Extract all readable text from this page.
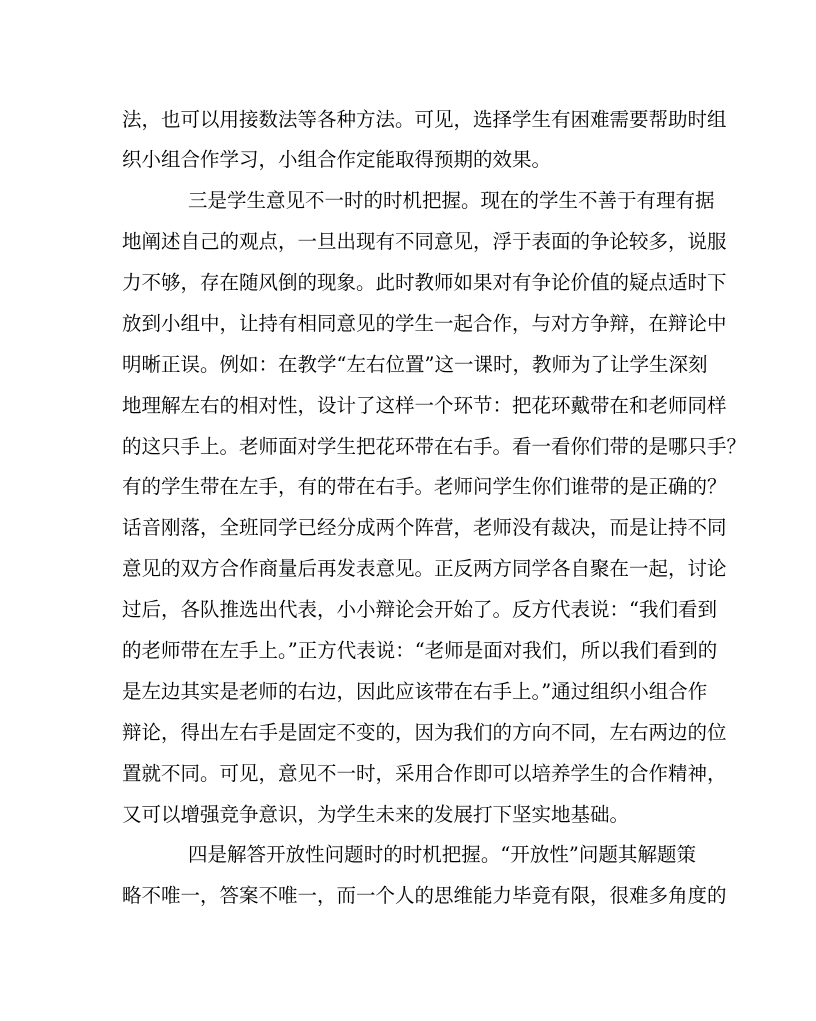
法，也可以用接数法等各种方法。可见，选择学生有困难需要帮助时组
织小组合作学习，小组合作定能取得预期的效果。
三是学生意见不一时的时机把握。现在的学生不善于有理有据
地阐述自己的观点，一旦出现有不同意见，浮于表面的争论较多，说服
力不够，存在随风倒的现象。此时教师如果对有争论价值的疑点适时下
放到小组中，让持有相同意见的学生一起合作，与对方争辩，在辩论中
明晰正误。例如：在教学“左右位置”这一课时，教师为了让学生深刻
地理解左右的相对性，设计了这样一个环节：把花环戴带在和老师同样
的这只手上。老师面对学生把花环带在右手。看一看你们带的是哪只手？
有的学生带在左手，有的带在右手。老师问学生你们谁带的是正确的？
话音刚落，全班同学已经分成两个阵营，老师没有裁决，而是让持不同
意见的双方合作商量后再发表意见。正反两方同学各自聚在一起，讨论
过后，各队推选出代表，小小辩论会开始了。反方代表说：“我们看到
的老师带在左手上。”正方代表说：“老师是面对我们，所以我们看到的
是左边其实是老师的右边，因此应该带在右手上。”通过组织小组合作
辩论，得出左右手是固定不变的，因为我们的方向不同，左右两边的位
置就不同。可见，意见不一时，采用合作即可以培养学生的合作精神，
又可以增强竞争意识，为学生未来的发展打下坚实地基础。
四是解答开放性问题时的时机把握。“开放性”问题其解题策
略不唯一，答案不唯一，而一个人的思维能力毕竟有限，很难多角度的
